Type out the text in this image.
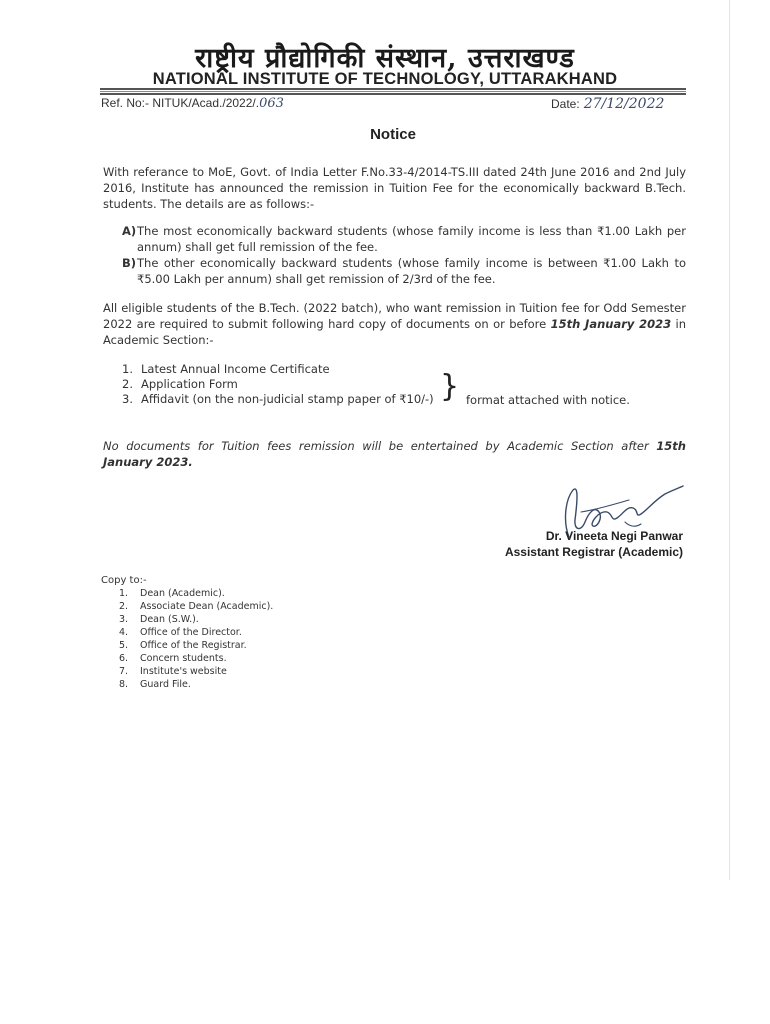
राष्ट्रीय प्रौद्योगिकी संस्थान, उत्तराखण्ड
NATIONAL INSTITUTE OF TECHNOLOGY, UTTARAKHAND
Ref. No:- NITUK/Acad./2022/.063	Date: 27/12/2022
Notice
With referance to MoE, Govt. of India Letter F.No.33-4/2014-TS.III dated 24th June 2016 and 2nd July 2016, Institute has announced the remission in Tuition Fee for the economically backward B.Tech. students. The details are as follows:-
A) The most economically backward students (whose family income is less than ₹1.00 Lakh per annum) shall get full remission of the fee.
B) The other economically backward students (whose family income is between ₹1.00 Lakh to ₹5.00 Lakh per annum) shall get remission of 2/3rd of the fee.
All eligible students of the B.Tech. (2022 batch), who want remission in Tuition fee for Odd Semester 2022 are required to submit following hard copy of documents on or before 15th January 2023 in Academic Section:-
1. Latest Annual Income Certificate
2. Application Form
3. Affidavit (on the non-judicial stamp paper of ₹10/-) } format attached with notice.
No documents for Tuition fees remission will be entertained by Academic Section after 15th January 2023.
Dr. Vineeta Negi Panwar
Assistant Registrar (Academic)
Copy to:-
1. Dean (Academic).
2. Associate Dean (Academic).
3. Dean (S.W.).
4. Office of the Director.
5. Office of the Registrar.
6. Concern students.
7. Institute's website
8. Guard File.
